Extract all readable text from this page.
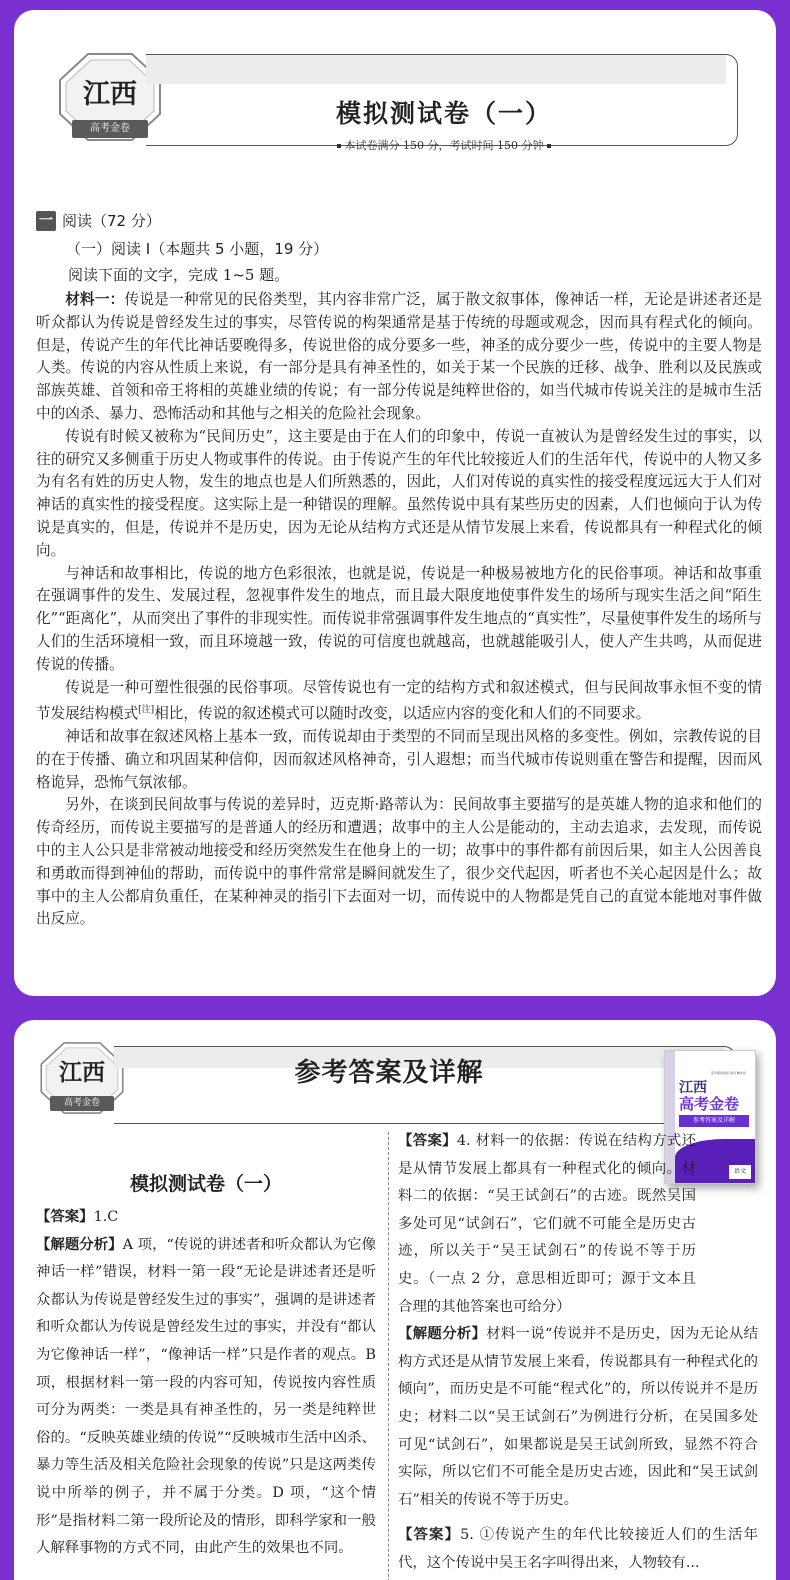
江西
高考金卷
模拟测试卷（一）
本试卷满分 150 分，考试时间 150 分钟
一 阅读（72 分）
（一）阅读 I（本题共 5 小题，19 分）
阅读下面的文字，完成 1~5 题。

材料一：传说是一种常见的民俗类型，其内容非常广泛，属于散文叙事体，像神话一样，无论是讲述者还是听众都认为传说是曾经发生过的事实，尽管传说的构架通常是基于传统的母题或观念，因而具有程式化的倾向。但是，传说产生的年代比神话要晚得多，传说世俗的成分要多一些，神圣的成分要少一些，传说中的主要人物是人类。传说的内容从性质上来说，有一部分是具有神圣性的，如关于某一个民族的迁移、战争、胜利以及民族或部族英雄、首领和帝王将相的英雄业绩的传说；有一部分传说是纯粹世俗的，如当代城市传说关注的是城市生活中的凶杀、暴力、恐怖活动和其他与之相关的危险社会现象。

传说有时候又被称为“民间历史”，这主要是由于在人们的印象中，传说一直被认为是曾经发生过的事实，以往的研究又多侧重于历史人物或事件的传说。由于传说产生的年代比较接近人们的生活年代，传说中的人物又多为有名有姓的历史人物，发生的地点也是人们所熟悉的，因此，人们对传说的真实性的接受程度远远大于人们对神话的真实性的接受程度。这实际上是一种错误的理解。虽然传说中具有某些历史的因素，人们也倾向于认为传说是真实的，但是，传说并不是历史，因为无论从结构方式还是从情节发展上来看，传说都具有一种程式化的倾向。

与神话和故事相比，传说的地方色彩很浓，也就是说，传说是一种极易被地方化的民俗事项。神话和故事重在强调事件的发生、发展过程，忽视事件发生的地点，而且最大限度地使事件发生的场所与现实生活之间“陌生化”“距离化”，从而突出了事件的非现实性。而传说非常强调事件发生地点的“真实性”，尽量使事件发生的场所与人们的生活环境相一致，而且环境越一致，传说的可信度也就越高，也就越能吸引人，使人产生共鸣，从而促进传说的传播。

传说是一种可塑性很强的民俗事项。尽管传说也有一定的结构方式和叙述模式，但与民间故事永恒不变的情节发展结构模式[注]相比，传说的叙述模式可以随时改变，以适应内容的变化和人们的不同要求。

神话和故事在叙述风格上基本一致，而传说却由于类型的不同而呈现出风格的多变性。例如，宗教传说的目的在于传播、确立和巩固某种信仰，因而叙述风格神奇，引人遐想；而当代城市传说则重在警告和提醒，因而风格诡异，恐怖气氛浓郁。

另外，在谈到民间故事与传说的差异时，迈克斯·路蒂认为：民间故事主要描写的是英雄人物的追求和他们的传奇经历，而传说主要描写的是普通人的经历和遭遇；故事中的主人公是能动的，主动去追求，去发现，而传说中的主人公只是非常被动地接受和经历突然发生在他身上的一切；故事中的事件都有前因后果，如主人公因善良和勇敢而得到神仙的帮助，而传说中的事件常常是瞬间就发生了，很少交代起因，听者也不关心起因是什么；故事中的主人公都肩负重任，在某种神灵的指引下去面对一切，而传说中的人物都是凭自己的直觉本能地对事件做出反应。

江西
高考金卷
参考答案及详解	高考模拟演练 测试 精选卷
江西
高考金卷
参考答案及详解
语文
模拟测试卷（一）
【答案】1.C
【解题分析】A 项，“传说的讲述者和听众都认为它像神话一样”错误，材料一第一段“无论是讲述者还是听众都认为传说是曾经发生过的事实”，强调的是讲述者和听众都认为传说是曾经发生过的事实，并没有“都认为它像神话一样”，“像神话一样”只是作者的观点。B 项，根据材料一第一段的内容可知，传说按内容性质可分为两类：一类是具有神圣性的，另一类是纯粹世俗的。“反映英雄业绩的传说”“反映城市生活中凶杀、暴力等生活及相关危险社会现象的传说”只是这两类传说中所举的例子，并不属于分类。D 项，“这个情形”是指材料二第一段所论及的情形，即科学家和一般人解释事物的方式不同，由此产生的效果也不同。
【答案】4. 材料一的依据：传说在结构方式还是从情节发展上都具有一种程式化的倾向。材料二的依据：“吴王试剑石”的古迹。既然吴国多处可见“试剑石”，它们就不可能全是历史古迹，所以关于“吴王试剑石”的传说不等于历史。（一点 2 分，意思相近即可；源于文本且合理的其他答案也可给分）
【解题分析】材料一说“传说并不是历史，因为无论从结构方式还是从情节发展上来看，传说都具有一种程式化的倾向”，而历史是不可能“程式化”的，所以传说并不是历史；材料二以“吴王试剑石”为例进行分析，在吴国多处可见“试剑石”，如果都说是吴王试剑所致，显然不符合实际，所以它们不可能全是历史古迹，因此和“吴王试剑石”相关的传说不等于历史。
【答案】5. ①传说产生的年代比较接近人们的生活年代，这个传说中吴王名字叫得出来，人物较有...
